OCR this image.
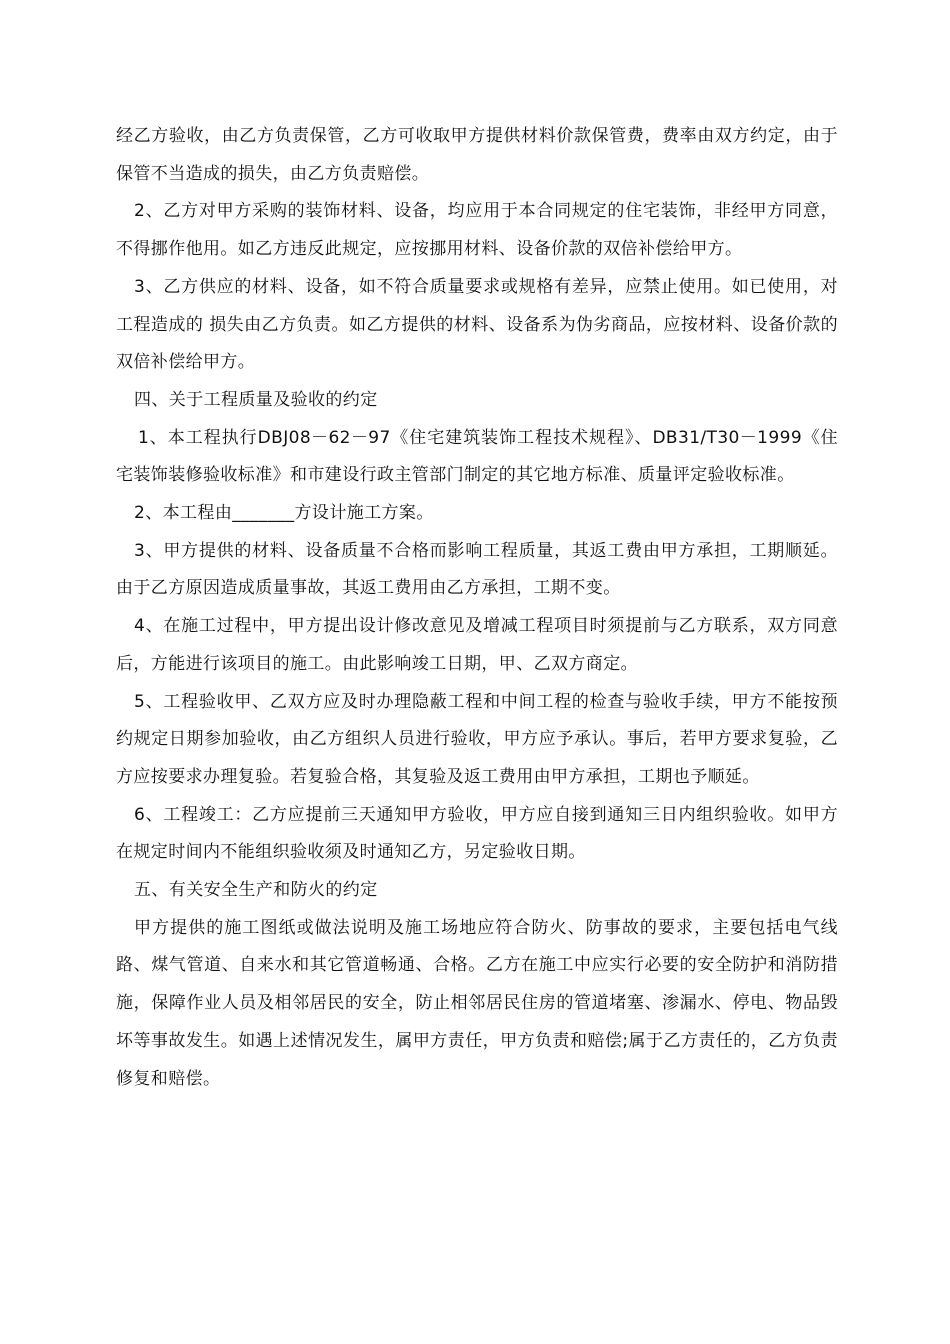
经乙方验收，由乙方负责保管，乙方可收取甲方提供材料价款保管费，费率由双方约定，由于保管不当造成的损失，由乙方负责赔偿。

2、乙方对甲方采购的装饰材料、设备，均应用于本合同规定的住宅装饰，非经甲方同意，不得挪作他用。如乙方违反此规定，应按挪用材料、设备价款的双倍补偿给甲方。

3、乙方供应的材料、设备，如不符合质量要求或规格有差异，应禁止使用。如已使用，对工程造成的 损失由乙方负责。如乙方提供的材料、设备系为伪劣商品，应按材料、设备价款的双倍补偿给甲方。

四、关于工程质量及验收的约定

1、本工程执行DBJ08－62－97《住宅建筑装饰工程技术规程》、DB31/T30－1999《住宅装饰装修验收标准》和市建设行政主管部门制定的其它地方标准、质量评定验收标准。

2、本工程由_______方设计施工方案。

3、甲方提供的材料、设备质量不合格而影响工程质量，其返工费由甲方承担，工期顺延。由于乙方原因造成质量事故，其返工费用由乙方承担，工期不变。

4、在施工过程中，甲方提出设计修改意见及增减工程项目时须提前与乙方联系，双方同意后，方能进行该项目的施工。由此影响竣工日期，甲、乙双方商定。

5、工程验收甲、乙双方应及时办理隐蔽工程和中间工程的检查与验收手续，甲方不能按预约规定日期参加验收，由乙方组织人员进行验收，甲方应予承认。事后，若甲方要求复验，乙方应按要求办理复验。若复验合格，其复验及返工费用由甲方承担，工期也予顺延。

6、工程竣工：乙方应提前三天通知甲方验收，甲方应自接到通知三日内组织验收。如甲方在规定时间内不能组织验收须及时通知乙方，另定验收日期。

五、有关安全生产和防火的约定

甲方提供的施工图纸或做法说明及施工场地应符合防火、防事故的要求，主要包括电气线路、煤气管道、自来水和其它管道畅通、合格。乙方在施工中应实行必要的安全防护和消防措施，保障作业人员及相邻居民的安全，防止相邻居民住房的管道堵塞、渗漏水、停电、物品毁坏等事故发生。如遇上述情况发生，属甲方责任，甲方负责和赔偿;属于乙方责任的，乙方负责修复和赔偿。
